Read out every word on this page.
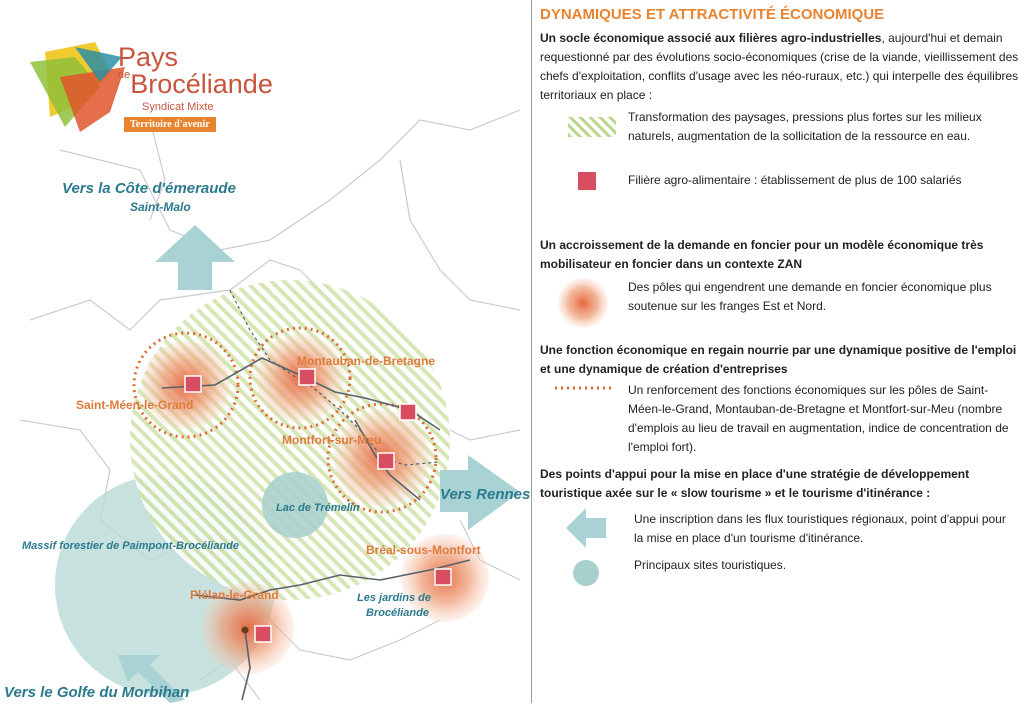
Pays
$^{de}$Brocéliande
Syndicat Mixte
Territoire d'avenir
Vers la Côte d'émeraude
Saint-Malo
Vers Rennes
Vers le Golfe du Morbihan
Lac de Trémelin
Massif forestier de Paimpont-Brocéliande
Les jardins de
Brocéliande
Saint-Méen-le-Grand
Montauban-de-Bretagne
Montfort-sur-Meu
Bréal-sous-Montfort
Plélan-le-Grand
DYNAMIQUES ET ATTRACTIVITÉ ÉCONOMIQUE
Un socle économique associé aux filières agro-industrielles, aujourd'hui et demain requestionné par des évolutions socio-économiques (crise de la viande, vieillissement des chefs d'exploitation, conflits d'usage avec les néo-ruraux, etc.) qui interpelle des équilibres territoriaux en place :
Transformation des paysages, pressions plus fortes sur les milieux naturels, augmentation de la sollicitation de la ressource en eau.
Filière agro-alimentaire : établissement de plus de 100 salariés
Un accroissement de la demande en foncier pour un modèle économique très mobilisateur en foncier dans un contexte ZAN
Des pôles qui engendrent une demande en foncier économique plus soutenue sur les franges Est et Nord.
Une fonction économique en regain nourrie par une dynamique positive de l'emploi et une dynamique de création d'entreprises
Un renforcement des fonctions économiques sur les pôles de Saint-Méen-le-Grand, Montauban-de-Bretagne et Montfort-sur-Meu (nombre d'emplois au lieu de travail en augmentation, indice de concentration de l'emploi fort).
Des points d'appui pour la mise en place d'une stratégie de développement touristique axée sur le « slow tourisme » et le tourisme d'itinérance :
Une inscription dans les flux touristiques régionaux, point d'appui pour la mise en place d'un tourisme d'itinérance.
Principaux sites touristiques.
